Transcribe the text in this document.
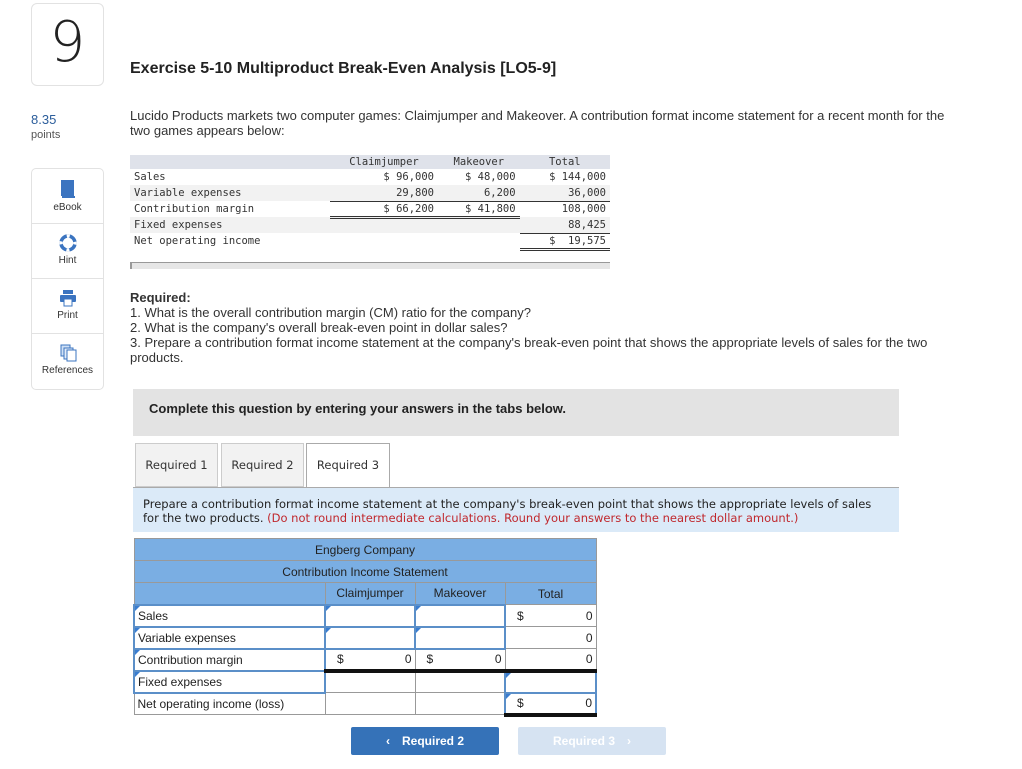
9	Exercise 5-10 Multiproduct Break-Even Analysis [LO5-9]
8.35
points
eBook
Hint
Print
References
Lucido Products markets two computer games: Claimjumper and Makeover. A contribution format income statement for a recent month for the two games appears below:
	Claimjumper	Makeover	Total
Sales	$ 96,000	$ 48,000	$ 144,000
Variable expenses	29,800	6,200	36,000
Contribution margin	$ 66,200	$ 41,800	108,000
Fixed expenses			88,425
Net operating income			$  19,575
Required:
1. What is the overall contribution margin (CM) ratio for the company?
2. What is the company's overall break-even point in dollar sales?
3. Prepare a contribution format income statement at the company's break-even point that shows the appropriate levels of sales for the two products.
Complete this question by entering your answers in the tabs below.
Required 1	Required 2	Required 3
Prepare a contribution format income statement at the company's break-even point that shows the appropriate levels of sales for the two products. (Do not round intermediate calculations. Round your answers to the nearest dollar amount.)
Engberg Company			
Contribution Income Statement			
	Claimjumper	Makeover	Total
Sales			$ 0

Variable expenses			0
Contribution margin	$ 0	$ 0	0
Fixed expenses			
Net operating income (loss)			$ 0
‹ Required 2	Required 3 ›
